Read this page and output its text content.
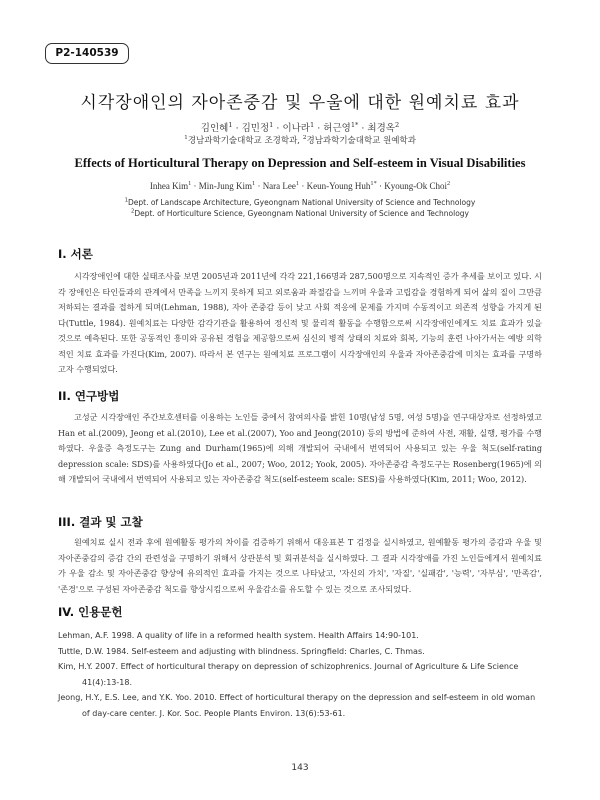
P2-140539
시각장애인의 자아존중감 및 우울에 대한 원예치료 효과
김인혜$^1$ · 김민정$^1$ · 이나라$^1$ · 허근영$^{1*}$ · 최경옥$^2$
$^1$경남과학기술대학교 조경학과, $^2$경남과학기술대학교 원예학과
Effects of Horticultural Therapy on Depression and Self-esteem in Visual Disabilities
Inhea Kim$^1$ · Min-Jung Kim$^1$ · Nara Lee$^1$ · Keun-Young Huh$^{1*}$ · Kyoung-Ok Choi$^2$
$^1$Dept. of Landscape Architecture, Gyeongnam National University of Science and Technology
$^2$Dept. of Horticulture Science, Gyeongnam National University of Science and Technology
I. 서론

시각장애인에 대한 실태조사를 보면 2005년과 2011년에 각각 221,166명과 287,500명으로 지속적인 증가 추세를 보이고 있다. 시각 장애인은 타인들과의 관계에서 만족을 느끼지 못하게 되고 외로움과 좌절감을 느끼며 우울과 고립감을 경험하게 되어 삶의 질이 그만큼 저하되는 결과를 접하게 되며(Lehman, 1988), 자아 존중감 등이 낮고 사회 적응에 문제를 가지며 수동적이고 의존적 성향을 가지게 된다(Tuttle, 1984). 원예치료는 다양한 감각기관을 활용하여 정신적 및 물리적 활동을 수행함으로써 시각장애인에게도 치료 효과가 있을 것으로 예측된다. 또한 공동적인 흥미와 공유된 경험을 제공함으로써 심신의 병적 상태의 치료와 회복, 기능의 훈련 나아가서는 예방 의학적인 치료 효과를 가진다(Kim, 2007). 따라서 본 연구는 원예치료 프로그램이 시각장애인의 우울과 자아존중감에 미치는 효과를 구명하고자 수행되었다.

II. 연구방법

고성군 시각장애인 주간보호센터를 이용하는 노인들 중에서 참여의사를 밝힌 10명(남성 5명, 여성 5명)을 연구대상자로 선정하였고 Han et al.(2009), Jeong et al.(2010), Lee et al.(2007), Yoo and Jeong(2010) 등의 방법에 준하여 사전, 재활, 실행, 평가를 수행하였다. 우울증 측정도구는 Zung and Durham(1965)에 의해 개발되어 국내에서 번역되어 사용되고 있는 우울 척도(self-rating depression scale: SDS)를 사용하였다(Jo et al., 2007; Woo, 2012; Yook, 2005). 자아존중감 측정도구는 Rosenberg(1965)에 의해 개발되어 국내에서 번역되어 사용되고 있는 자아존중감 척도(self-esteem scale: SES)를 사용하였다(Kim, 2011; Woo, 2012).

III. 결과 및 고찰

원예치료 실시 전과 후에 원예활동 평가의 차이를 검증하기 위해서 대응표본 T 검정을 실시하였고, 원예활동 평가의 증감과 우울 및 자아존중감의 증감 간의 관련성을 구명하기 위해서 상관분석 및 회귀분석을 실시하였다. 그 결과 시각장애를 가진 노인들에게서 원예치료가 우울 감소 및 자아존중감 향상에 유의적인 효과를 가지는 것으로 나타났고, '자신의 가치', '자질', '실패감', '능력', '자부심', '만족감', '존경'으로 구성된 자아존중감 척도를 향상시킴으로써 우울감소를 유도할 수 있는 것으로 조사되었다.

IV. 인용문헌

Lehman, A.F. 1998. A quality of life in a reformed health system. Health Affairs 14:90-101.

Tuttle, D.W. 1984. Self-esteem and adjusting with blindness. Springfield: Charles, C. Thmas.

Kim, H.Y. 2007. Effect of horticultural therapy on depression of schizophrenics. Journal of Agriculture & Life Science 41(4):13-18.

Jeong, H.Y., E.S. Lee, and Y.K. Yoo. 2010. Effect of horticultural therapy on the depression and self-esteem in old woman of day-care center. J. Kor. Soc. People Plants Environ. 13(6):53-61.

143
